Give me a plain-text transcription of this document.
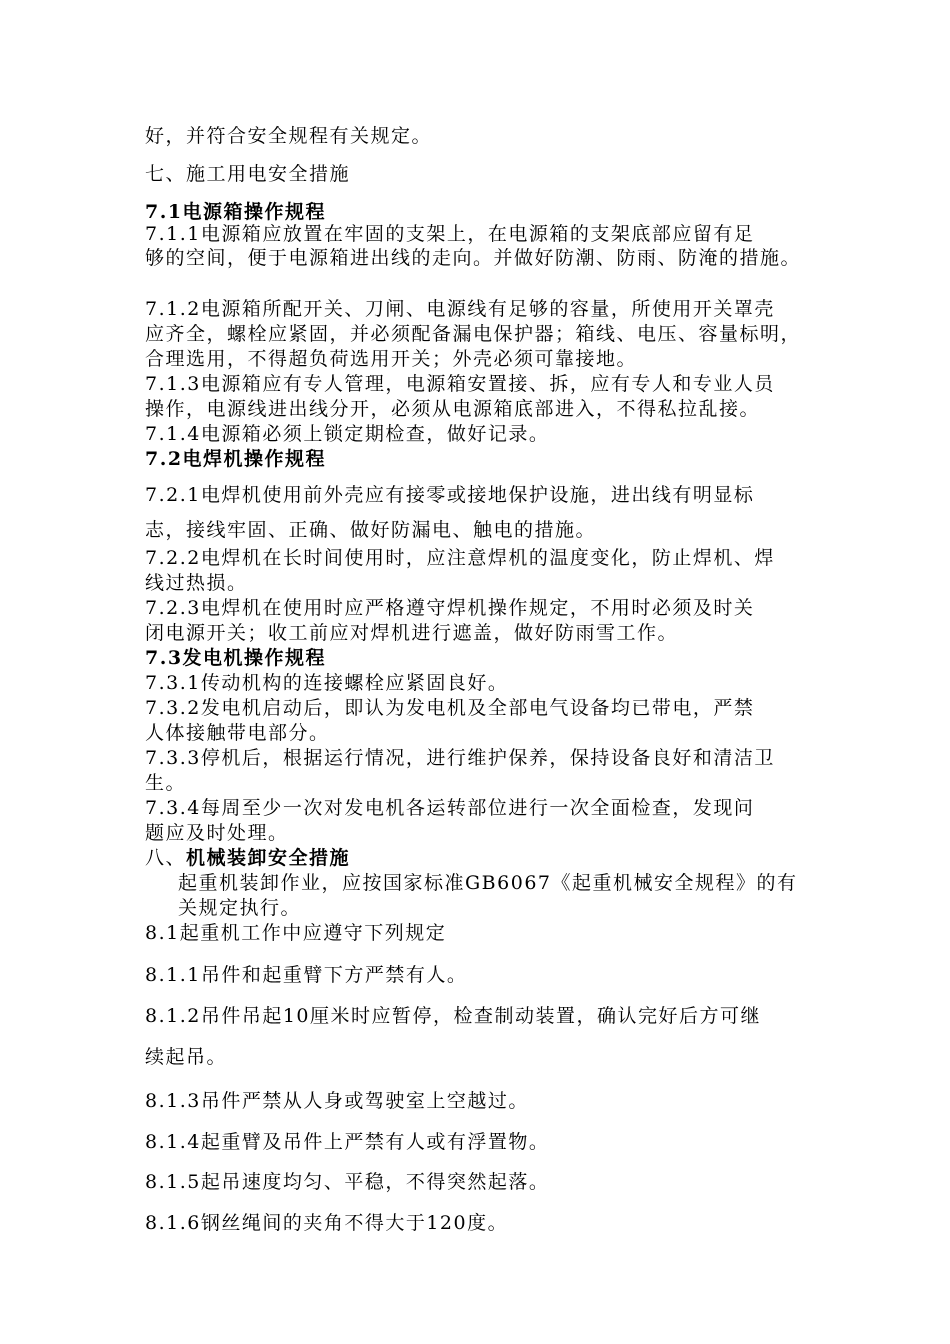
好，并符合安全规程有关规定。
七、施工用电安全措施
7.1电源箱操作规程
7.1.1电源箱应放置在牢固的支架上，在电源箱的支架底部应留有足
够的空间，便于电源箱进出线的走向。并做好防潮、防雨、防淹的措施。
7.1.2电源箱所配开关、刀闸、电源线有足够的容量，所使用开关罩壳
应齐全，螺栓应紧固，并必须配备漏电保护器；箱线、电压、容量标明，
合理选用，不得超负荷选用开关；外壳必须可靠接地。
7.1.3电源箱应有专人管理，电源箱安置接、拆，应有专人和专业人员
操作，电源线进出线分开，必须从电源箱底部进入，不得私拉乱接。
7.1.4电源箱必须上锁定期检查，做好记录。
7.2电焊机操作规程
7.2.1电焊机使用前外壳应有接零或接地保护设施，进出线有明显标
志，接线牢固、正确、做好防漏电、触电的措施。
7.2.2电焊机在长时间使用时，应注意焊机的温度变化，防止焊机、焊
线过热损。
7.2.3电焊机在使用时应严格遵守焊机操作规定，不用时必须及时关
闭电源开关；收工前应对焊机进行遮盖，做好防雨雪工作。
7.3发电机操作规程
7.3.1传动机构的连接螺栓应紧固良好。
7.3.2发电机启动后，即认为发电机及全部电气设备均已带电，严禁
人体接触带电部分。
7.3.3停机后，根据运行情况，进行维护保养，保持设备良好和清洁卫
生。
7.3.4每周至少一次对发电机各运转部位进行一次全面检查，发现问
题应及时处理。
八、机械装卸安全措施
起重机装卸作业，应按国家标准GB6067《起重机械安全规程》的有
关规定执行。
8.1起重机工作中应遵守下列规定
8.1.1吊件和起重臂下方严禁有人。
8.1.2吊件吊起10厘米时应暂停，检查制动装置，确认完好后方可继
续起吊。
8.1.3吊件严禁从人身或驾驶室上空越过。
8.1.4起重臂及吊件上严禁有人或有浮置物。
8.1.5起吊速度均匀、平稳，不得突然起落。
8.1.6钢丝绳间的夹角不得大于120度。
